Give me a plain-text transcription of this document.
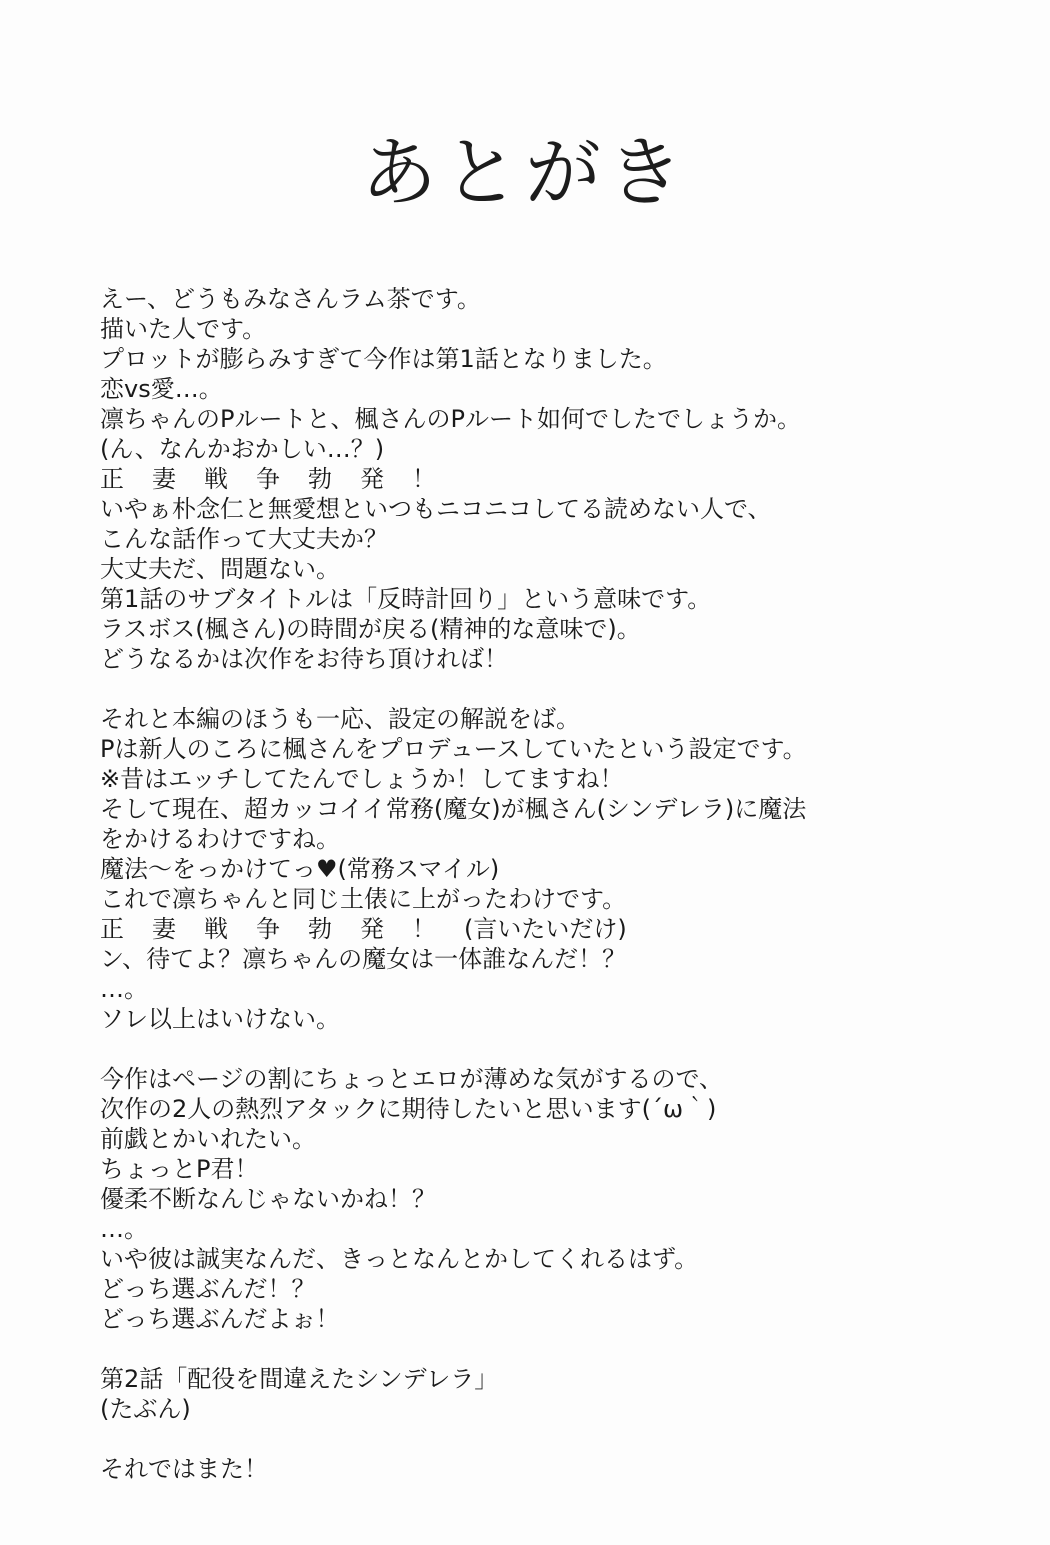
あとがき
えー、どうもみなさんラム茶です。
描いた人です。
プロットが膨らみすぎて今作は第1話となりました。
恋vs愛…。
凛ちゃんのPルートと、楓さんのPルート如何でしたでしょうか。
(ん、なんかおかしい…？)
正妻戦争勃発！
いやぁ朴念仁と無愛想といつもニコニコしてる読めない人で、
こんな話作って大丈夫か？
大丈夫だ、問題ない。
第1話のサブタイトルは「反時計回り」という意味です。
ラスボス(楓さん)の時間が戻る(精神的な意味で)。
どうなるかは次作をお待ち頂ければ！
それと本編のほうも一応、設定の解説をば。
Pは新人のころに楓さんをプロデュースしていたという設定です。
※昔はエッチしてたんでしょうか！してますね！
そして現在、超カッコイイ常務(魔女)が楓さん(シンデレラ)に魔法
をかけるわけですね。
魔法〜をっかけてっ♥(常務スマイル)
これで凛ちゃんと同じ土俵に上がったわけです。
正妻戦争勃発！(言いたいだけ)
ン、待てよ？凛ちゃんの魔女は一体誰なんだ！？
…。
ソレ以上はいけない。
今作はページの割にちょっとエロが薄めな気がするので、
次作の2人の熱烈アタックに期待したいと思います(´ω｀)
前戯とかいれたい。
ちょっとP君！
優柔不断なんじゃないかね！？
…。
いや彼は誠実なんだ、きっとなんとかしてくれるはず。
どっち選ぶんだ！？
どっち選ぶんだよぉ！
第2話「配役を間違えたシンデレラ」
(たぶん)
それではまた！
